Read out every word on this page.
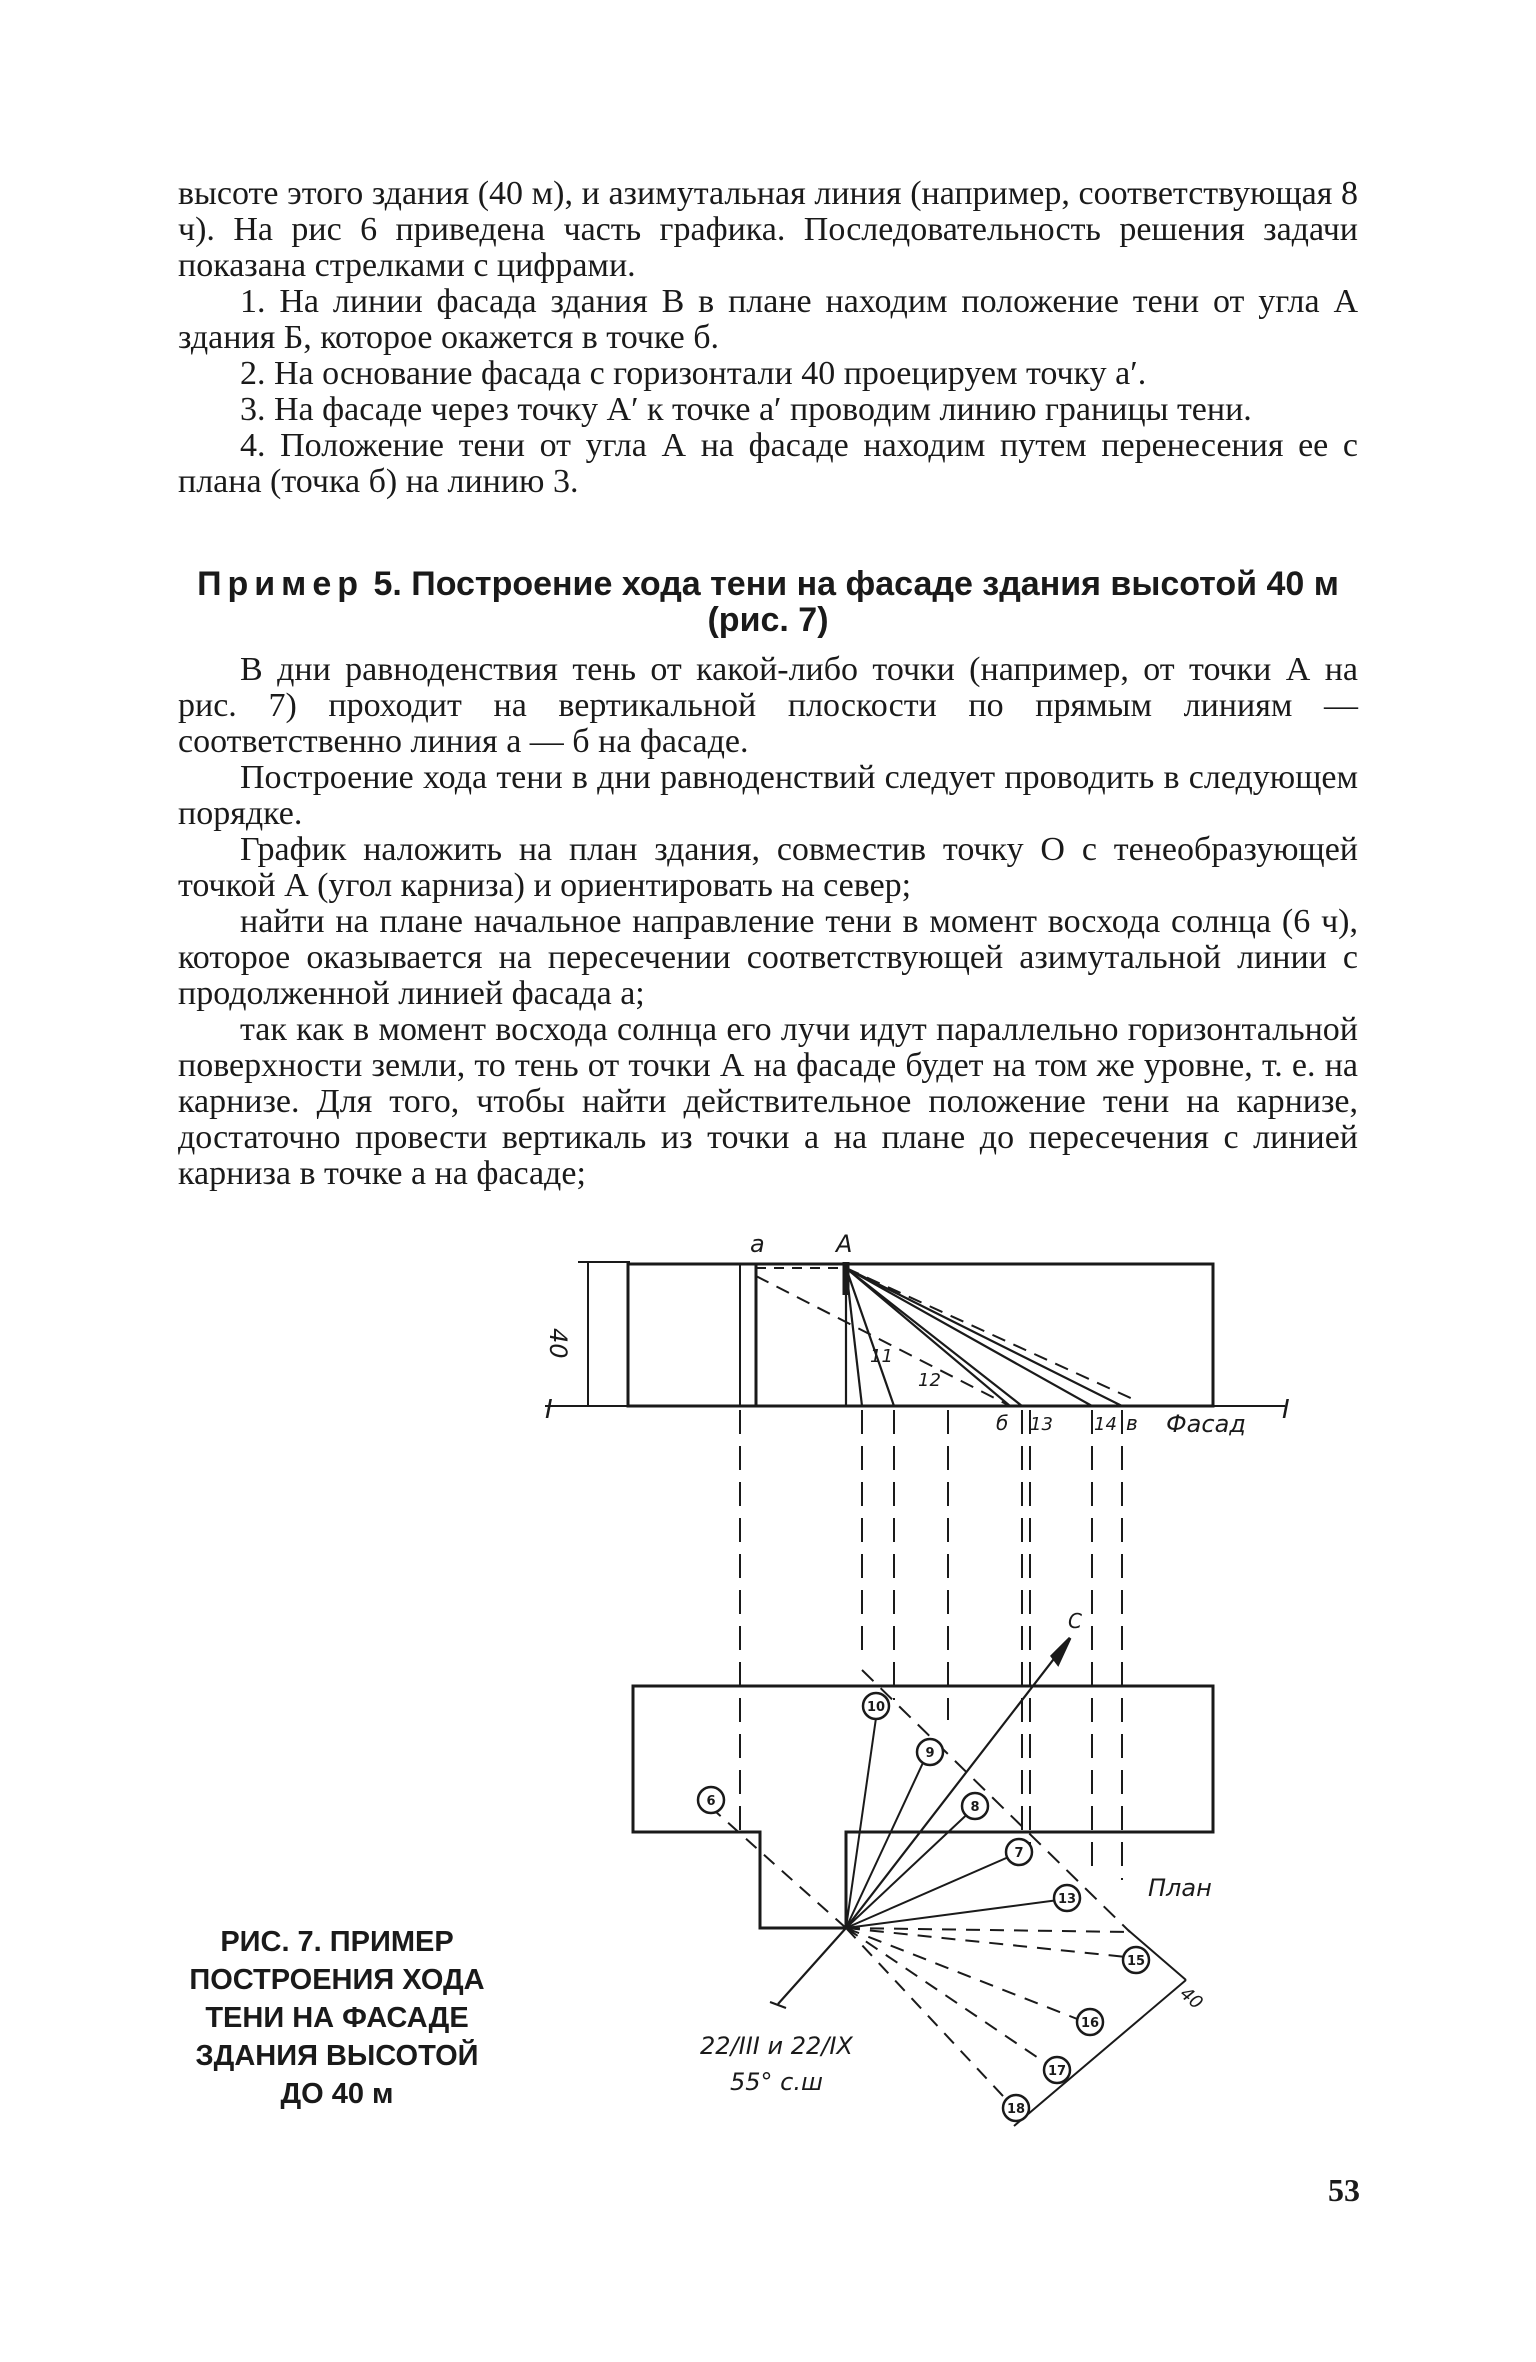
высоте этого здания (40 м), и азимутальная линия (например, соответствующая 8 ч). На рис 6 приведена часть графика. Последовательность решения задачи показана стрелками с цифрами.

1. На линии фасада здания В в плане находим положение тени от угла А здания Б, которое окажется в точке б.

2. На основание фасада с горизонтали 40 проецируем точку а′.

3. На фасаде через точку А′ к точке а′ проводим линию границы тени.

4. Положение тени от угла А на фасаде находим путем перенесения ее с плана (точка б) на линию 3.

Пример 5. Построение хода тени на фасаде здания высотой 40 м (рис. 7)

В дни равноденствия тень от какой-либо точки (например, от точки А на рис. 7) проходит на вертикальной плоскости по прямым линиям — соответственно линия а — б на фасаде.

Построение хода тени в дни равноденствий следует проводить в следующем порядке.

График наложить на план здания, совместив точку О с тенеобразующей точкой А (угол карниза) и ориентировать на север;

найти на плане начальное направление тени в момент восхода солнца (6 ч), которое оказывается на пересечении соответствующей азимутальной линии с продолженной линией фасада а;

так как в момент восхода солнца его лучи идут параллельно горизонтальной поверхности земли, то тень от точки А на фасаде будет на том же уровне, т. е. на карнизе. Для того, чтобы найти действительное положение тени на карнизе, достаточно провести вертикаль из точки а на плане до пересечения с линией карниза в точке а на фасаде;

6
10
9
8
7
13
15
16
17
18
а	А
40
I	I
11
12
б 13 14 в Фасад
План
С
40
22/III и 22/IX
55° с.ш
РИС. 7. ПРИМЕР ПОСТРОЕНИЯ ХОДА ТЕНИ НА ФАСАДЕ ЗДАНИЯ ВЫСОТОЙ ДО 40 м
53
